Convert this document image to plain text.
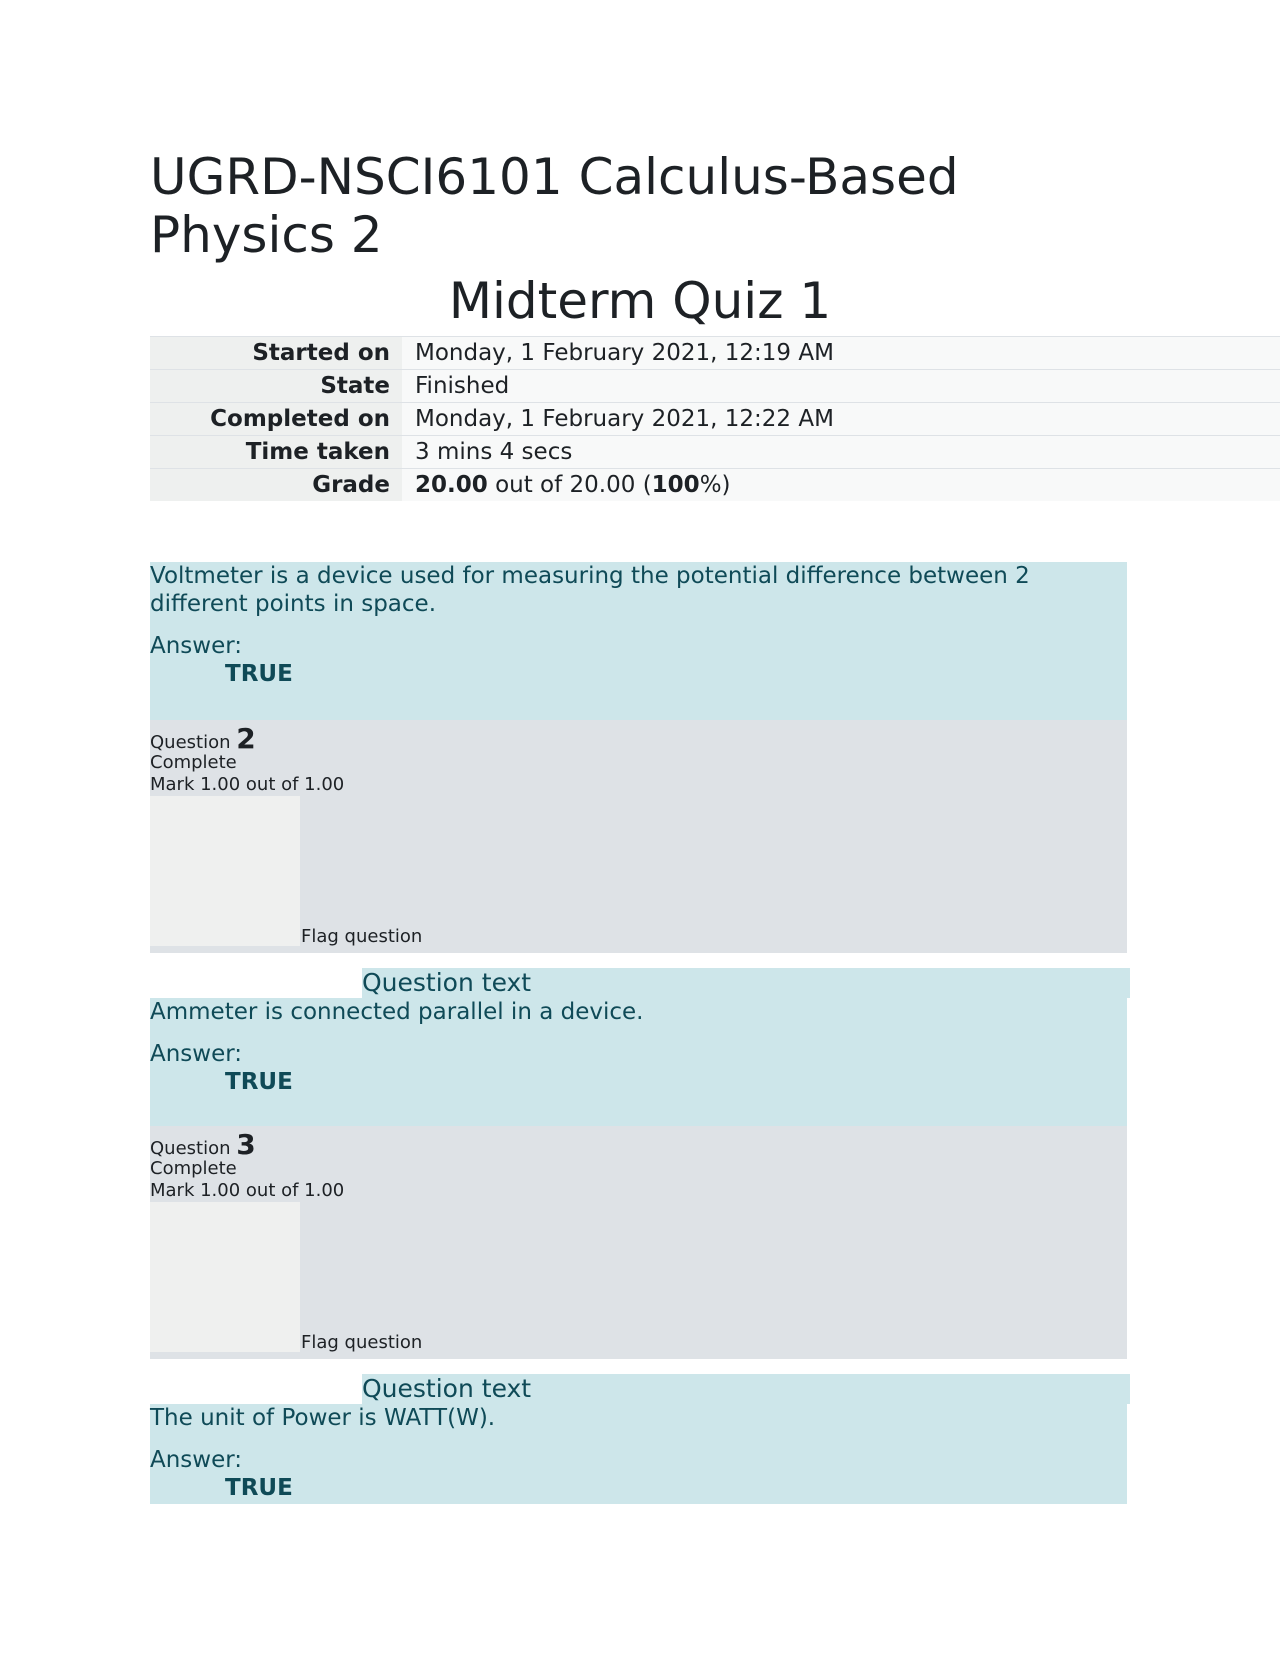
UGRD-NSCI6101 Calculus-Based Physics 2
Midterm Quiz 1
Started on	Monday, 1 February 2021, 12:19 AM
State	Finished
Completed on	Monday, 1 February 2021, 12:22 AM
Time taken	3 mins 4 secs
Grade	20.00 out of 20.00 (100%)
Voltmeter is a device used for measuring the potential difference between 2 different points in space.
Answer:
TRUE
Question 2
Complete
Mark 1.00 out of 1.00
Flag question
Question text
Ammeter is connected parallel in a device.
Answer:
TRUE
Question 3
Complete
Mark 1.00 out of 1.00
Flag question
Question text
The unit of Power is WATT(W).
Answer:
TRUE
